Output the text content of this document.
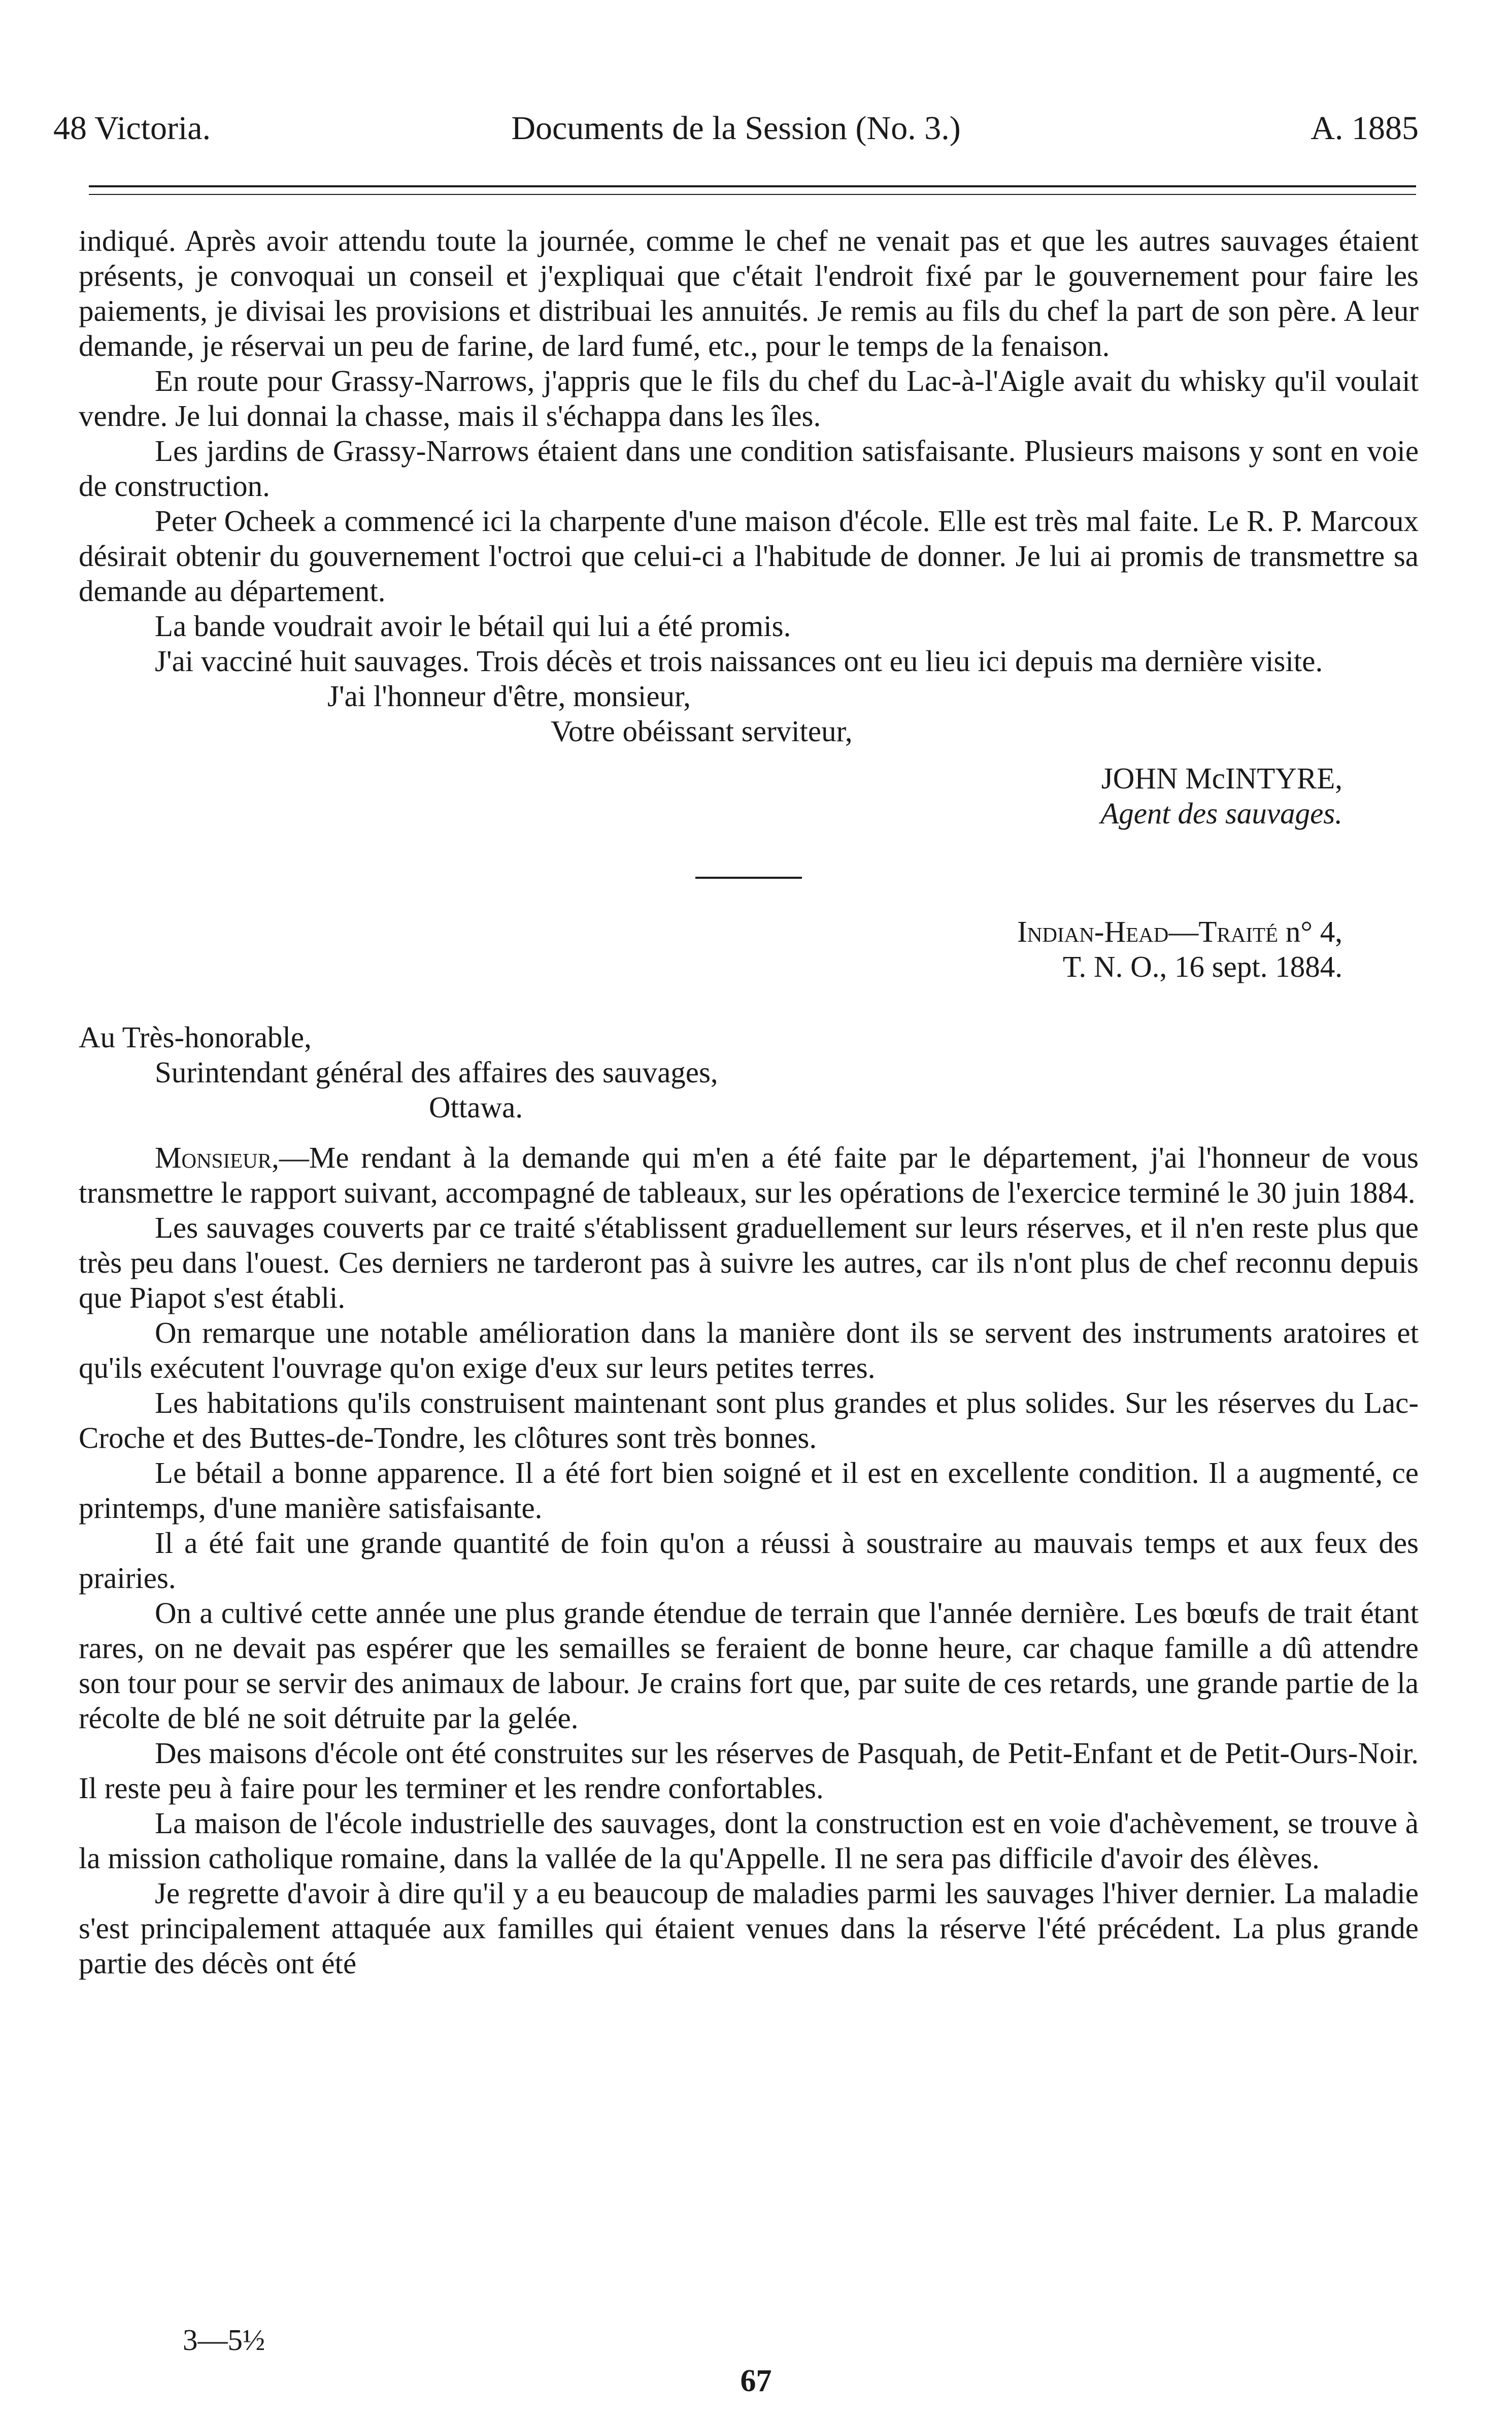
48 Victoria.	Documents de la Session (No. 3.)	A. 1885

indiqué. Après avoir attendu toute la journée, comme le chef ne venait pas et que les autres sauvages étaient présents, je convoquai un conseil et j'expliquai que c'était l'endroit fixé par le gouvernement pour faire les paiements, je divisai les provisions et distribuai les annuités. Je remis au fils du chef la part de son père. A leur demande, je réservai un peu de farine, de lard fumé, etc., pour le temps de la fenaison.

En route pour Grassy-Narrows, j'appris que le fils du chef du Lac-à-l'Aigle avait du whisky qu'il voulait vendre. Je lui donnai la chasse, mais il s'échappa dans les îles.

Les jardins de Grassy-Narrows étaient dans une condition satisfaisante. Plusieurs maisons y sont en voie de construction.

Peter Ocheek a commencé ici la charpente d'une maison d'école. Elle est très mal faite. Le R. P. Marcoux désirait obtenir du gouvernement l'octroi que celui-ci a l'habitude de donner. Je lui ai promis de transmettre sa demande au département.

La bande voudrait avoir le bétail qui lui a été promis.

J'ai vacciné huit sauvages. Trois décès et trois naissances ont eu lieu ici depuis ma dernière visite.

J'ai l'honneur d'être, monsieur,

Votre obéissant serviteur,

JOHN McINTYRE,

Agent des sauvages.

Indian-Head—Traité n° 4,

T. N. O., 16 sept. 1884.

Au Très-honorable,

Surintendant général des affaires des sauvages,

Ottawa.

Monsieur,—Me rendant à la demande qui m'en a été faite par le département, j'ai l'honneur de vous transmettre le rapport suivant, accompagné de tableaux, sur les opérations de l'exercice terminé le 30 juin 1884.

Les sauvages couverts par ce traité s'établissent graduellement sur leurs réserves, et il n'en reste plus que très peu dans l'ouest. Ces derniers ne tarderont pas à suivre les autres, car ils n'ont plus de chef reconnu depuis que Piapot s'est établi.

On remarque une notable amélioration dans la manière dont ils se servent des instruments aratoires et qu'ils exécutent l'ouvrage qu'on exige d'eux sur leurs petites terres.

Les habitations qu'ils construisent maintenant sont plus grandes et plus solides. Sur les réserves du Lac-Croche et des Buttes-de-Tondre, les clôtures sont très bonnes.

Le bétail a bonne apparence. Il a été fort bien soigné et il est en excellente condition. Il a augmenté, ce printemps, d'une manière satisfaisante.

Il a été fait une grande quantité de foin qu'on a réussi à soustraire au mauvais temps et aux feux des prairies.

On a cultivé cette année une plus grande étendue de terrain que l'année dernière. Les bœufs de trait étant rares, on ne devait pas espérer que les semailles se feraient de bonne heure, car chaque famille a dû attendre son tour pour se servir des animaux de labour. Je crains fort que, par suite de ces retards, une grande partie de la récolte de blé ne soit détruite par la gelée.

Des maisons d'école ont été construites sur les réserves de Pasquah, de Petit-Enfant et de Petit-Ours-Noir. Il reste peu à faire pour les terminer et les rendre confortables.

La maison de l'école industrielle des sauvages, dont la construction est en voie d'achèvement, se trouve à la mission catholique romaine, dans la vallée de la qu'Appelle. Il ne sera pas difficile d'avoir des élèves.

Je regrette d'avoir à dire qu'il y a eu beaucoup de maladies parmi les sauvages l'hiver dernier. La maladie s'est principalement attaquée aux familles qui étaient venues dans la réserve l'été précédent. La plus grande partie des décès ont été

3—5½
67
